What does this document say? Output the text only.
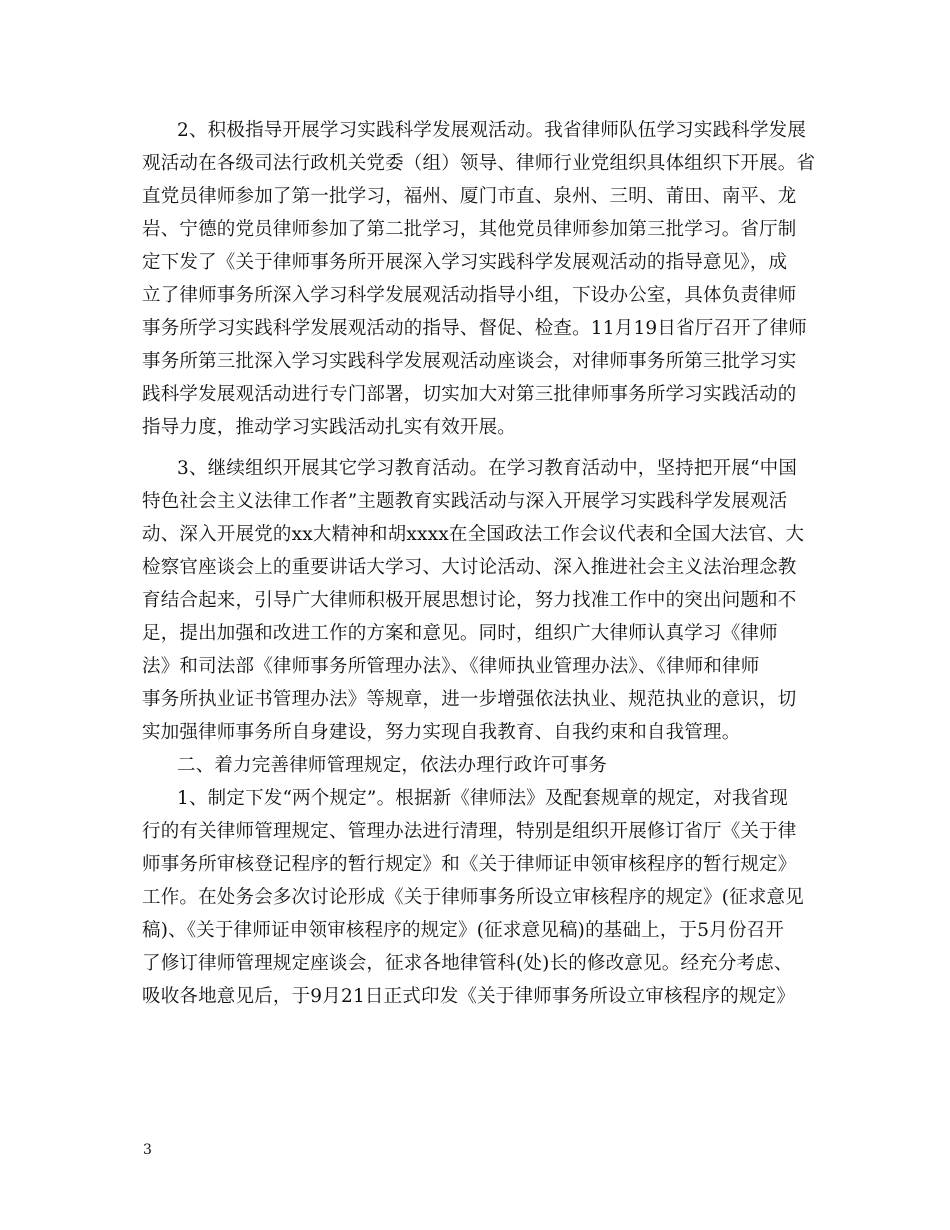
2、积极指导开展学习实践科学发展观活动。我省律师队伍学习实践科学发展
观活动在各级司法行政机关党委（组）领导、律师行业党组织具体组织下开展。省
直党员律师参加了第一批学习，福州、厦门市直、泉州、三明、莆田、南平、龙
岩、宁德的党员律师参加了第二批学习，其他党员律师参加第三批学习。省厅制
定下发了《关于律师事务所开展深入学习实践科学发展观活动的指导意见》，成
立了律师事务所深入学习科学发展观活动指导小组，下设办公室，具体负责律师
事务所学习实践科学发展观活动的指导、督促、检查。11月19日省厅召开了律师
事务所第三批深入学习实践科学发展观活动座谈会，对律师事务所第三批学习实
践科学发展观活动进行专门部署，切实加大对第三批律师事务所学习实践活动的
指导力度，推动学习实践活动扎实有效开展。
3、继续组织开展其它学习教育活动。在学习教育活动中，坚持把开展“中国
特色社会主义法律工作者”主题教育实践活动与深入开展学习实践科学发展观活
动、深入开展党的xx大精神和胡xxxx在全国政法工作会议代表和全国大法官、大
检察官座谈会上的重要讲话大学习、大讨论活动、深入推进社会主义法治理念教
育结合起来，引导广大律师积极开展思想讨论，努力找准工作中的突出问题和不
足，提出加强和改进工作的方案和意见。同时，组织广大律师认真学习《律师
法》和司法部《律师事务所管理办法》、《律师执业管理办法》、《律师和律师
事务所执业证书管理办法》等规章，进一步增强依法执业、规范执业的意识，切
实加强律师事务所自身建设，努力实现自我教育、自我约束和自我管理。
二、着力完善律师管理规定，依法办理行政许可事务
1、制定下发“两个规定”。根据新《律师法》及配套规章的规定，对我省现
行的有关律师管理规定、管理办法进行清理，特别是组织开展修订省厅《关于律
师事务所审核登记程序的暂行规定》和《关于律师证申领审核程序的暂行规定》
工作。在处务会多次讨论形成《关于律师事务所设立审核程序的规定》(征求意见
稿)、《关于律师证申领审核程序的规定》(征求意见稿)的基础上，于5月份召开
了修订律师管理规定座谈会，征求各地律管科(处)长的修改意见。经充分考虑、
吸收各地意见后，于9月21日正式印发《关于律师事务所设立审核程序的规定》
3
